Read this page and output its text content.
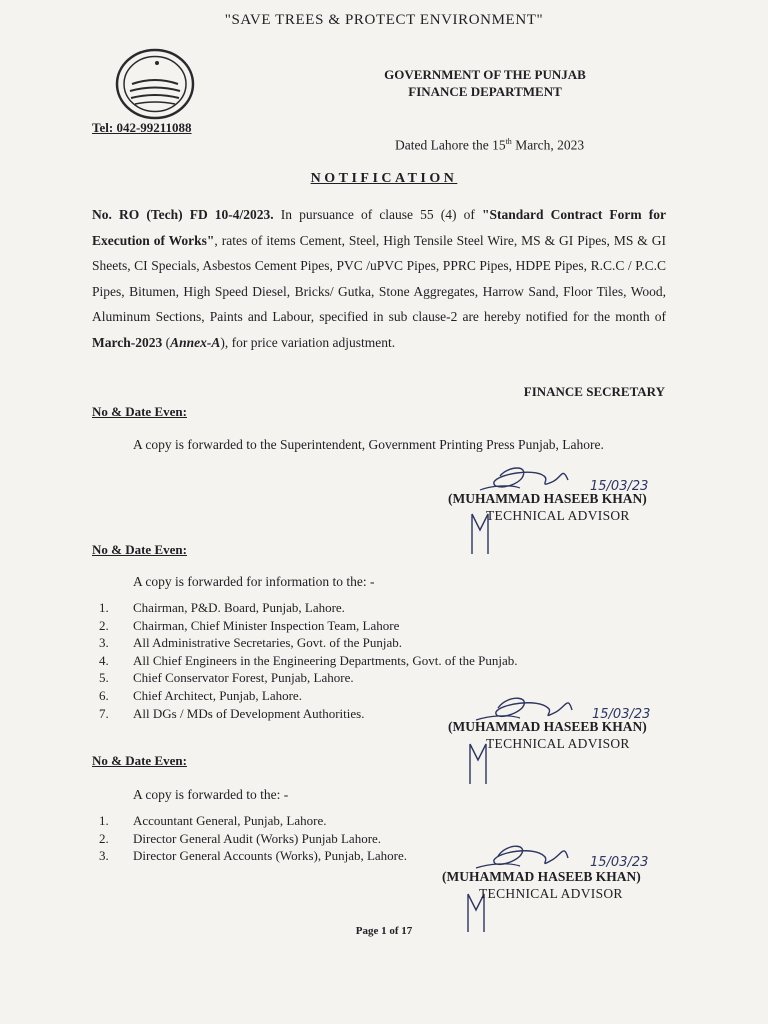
"SAVE TREES & PROTECT ENVIRONMENT"
Tel: 042-99211088
GOVERNMENT OF THE PUNJAB
FINANCE DEPARTMENT
Dated Lahore the 15th March, 2023
NOTIFICATION
No. RO (Tech) FD 10-4/2023. In pursuance of clause 55 (4) of "Standard Contract Form for Execution of Works", rates of items Cement, Steel, High Tensile Steel Wire, MS & GI Pipes, MS & GI Sheets, CI Specials, Asbestos Cement Pipes, PVC /uPVC Pipes, PPRC Pipes, HDPE Pipes, R.C.C / P.C.C Pipes, Bitumen, High Speed Diesel, Bricks/ Gutka, Stone Aggregates, Harrow Sand, Floor Tiles, Wood, Aluminum Sections, Paints and Labour, specified in sub clause-2 are hereby notified for the month of March-2023 (Annex-A), for price variation adjustment.
FINANCE SECRETARY
No & Date Even:
A copy is forwarded to the Superintendent, Government Printing Press Punjab, Lahore.
15/03/23
(MUHAMMAD HASEEB KHAN)
TECHNICAL ADVISOR
No & Date Even:
A copy is forwarded for information to the: -
1. Chairman, P&D. Board, Punjab, Lahore.
2. Chairman, Chief Minister Inspection Team, Lahore
3. All Administrative Secretaries, Govt. of the Punjab.
4. All Chief Engineers in the Engineering Departments, Govt. of the Punjab.
5. Chief Conservator Forest, Punjab, Lahore.
6. Chief Architect, Punjab, Lahore.
7. All DGs / MDs of Development Authorities.	15/03/23
(MUHAMMAD HASEEB KHAN)
TECHNICAL ADVISOR
No & Date Even:
A copy is forwarded to the: -
1. Accountant General, Punjab, Lahore.
2. Director General Audit (Works) Punjab Lahore.
3. Director General Accounts (Works), Punjab, Lahore.	15/03/23
(MUHAMMAD HASEEB KHAN)
TECHNICAL ADVISOR
Page 1 of 17
